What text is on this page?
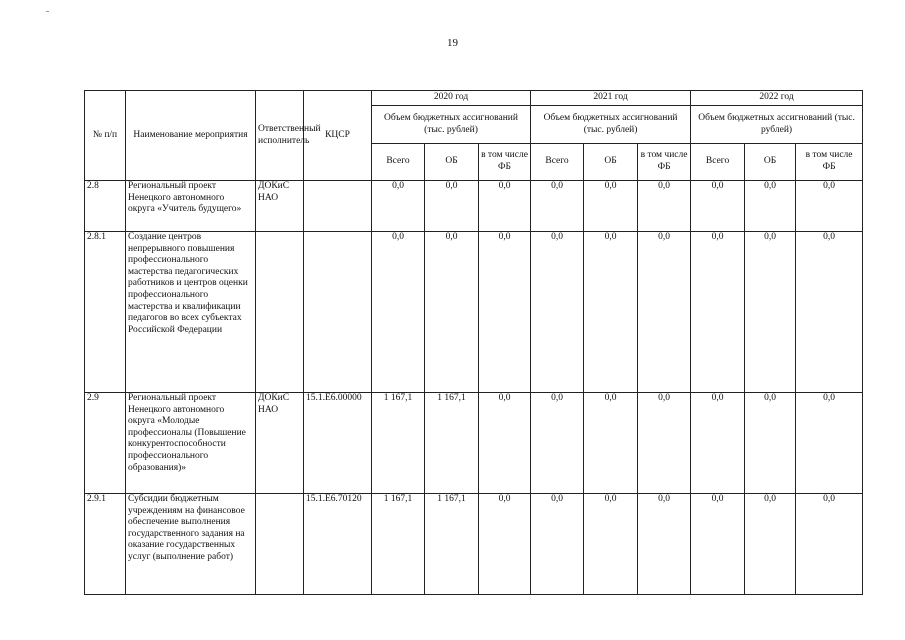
19
№ п/п	Наименование мероприятия	Ответственный исполнитель	КЦСР	2020 год			2021 год			2022 год		
				Объем бюджетных ассигнований (тыс. рублей)			Объем бюджетных ассигнований (тыс. рублей)			Объем бюджетных ассигнований (тыс. рублей)		
				Всего	ОБ	в том числе ФБ	Всего	ОБ	в том числе ФБ	Всего	ОБ	в том числе ФБ
2.8	Региональный проект Ненецкого автономного округа «Учитель будущего»	ДОКиС НАО		0,0	0,0	0,0	0,0	0,0	0,0	0,0	0,0	0,0
2.8.1	Создание центров непрерывного повышения профессионального мастерства педагогических работников и центров оценки профессионального мастерства и квалификации педагогов во всех субъектах Российской Федерации			0,0	0,0	0,0	0,0	0,0	0,0	0,0	0,0	0,0
2.9	Региональный проект Ненецкого автономного округа «Молодые профессионалы (Повышение конкурентоспособности профессионального образования)»	ДОКиС НАО	15.1.Е6.00000	1 167,1	1 167,1	0,0	0,0	0,0	0,0	0,0	0,0	0,0
2.9.1	Субсидии бюджетным учреждениям на финансовое обеспечение выполнения государственного задания на оказание государственных услуг (выполнение работ)		15.1.Е6.70120	1 167,1	1 167,1	0,0	0,0	0,0	0,0	0,0	0,0	0,0
